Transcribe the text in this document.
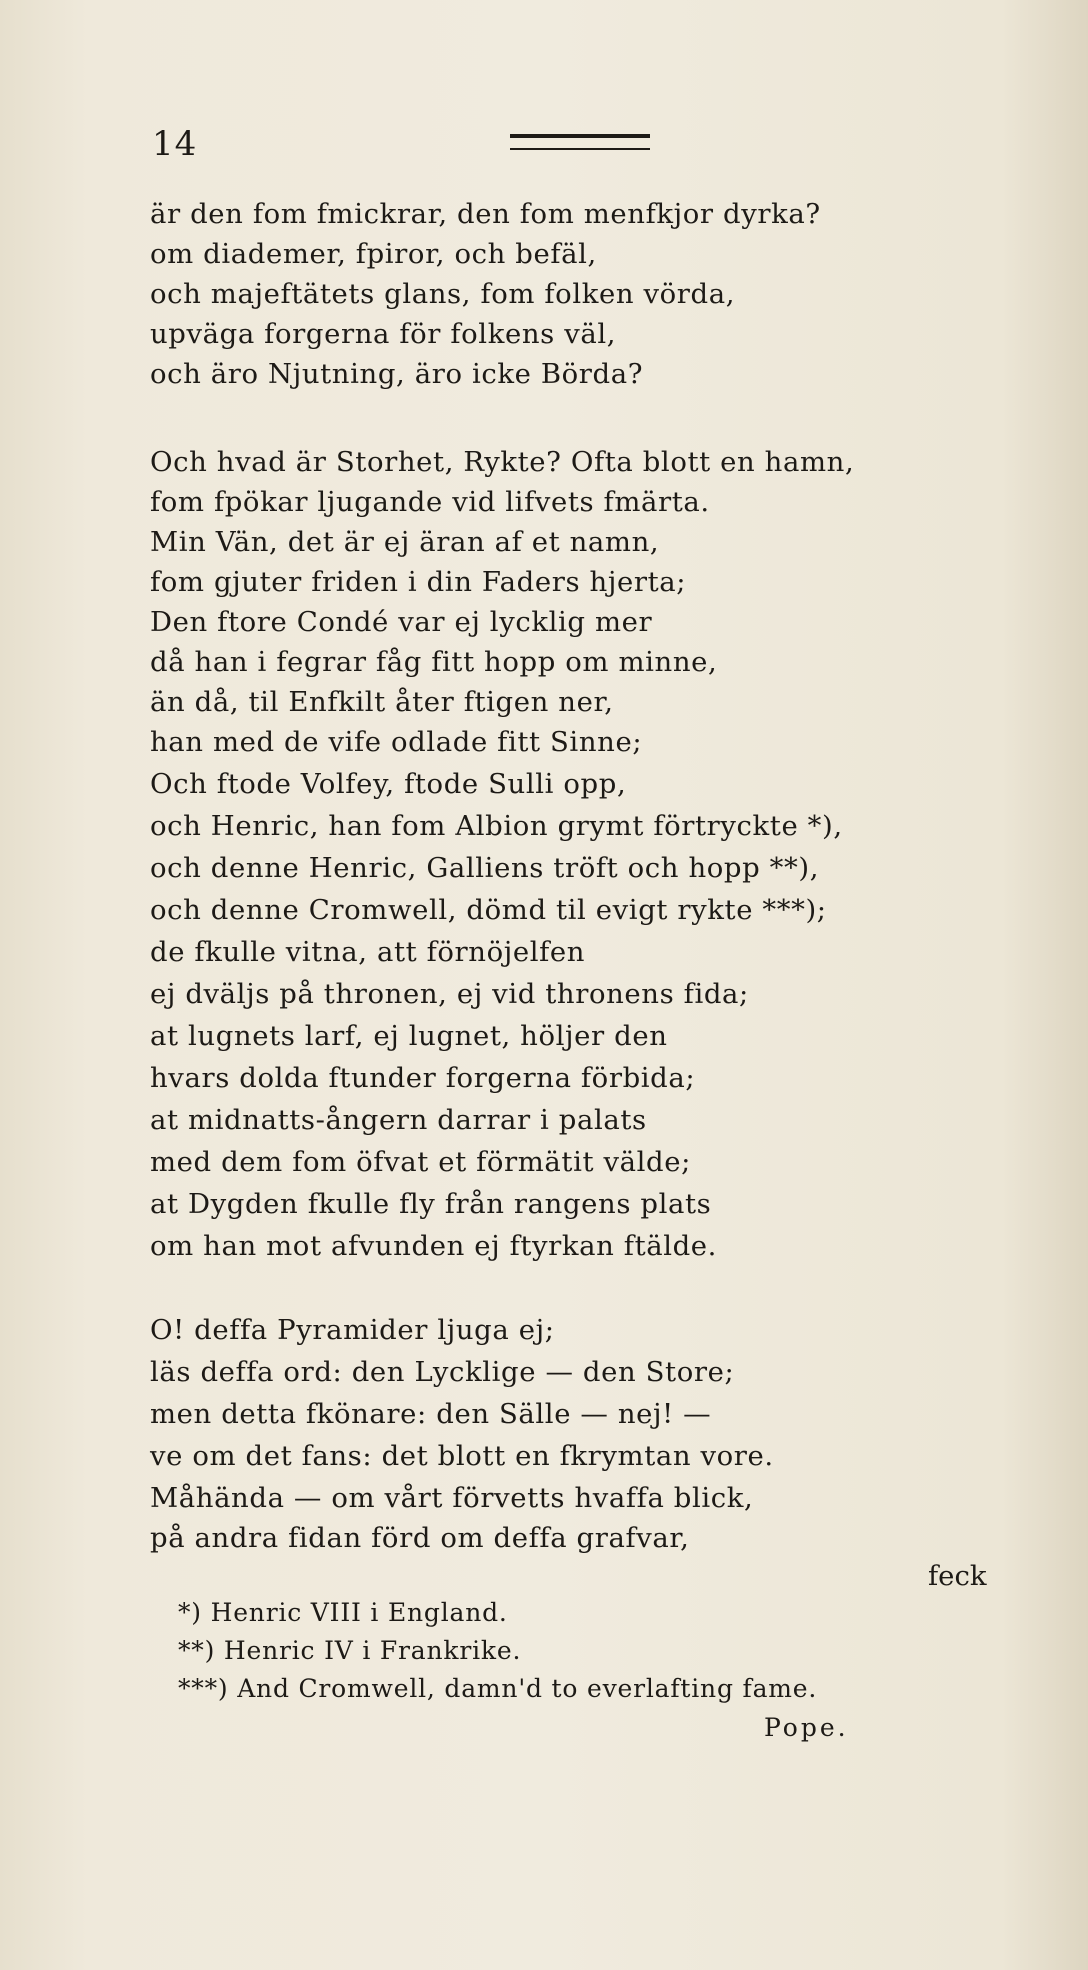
14
är den fom fmickrar, den fom menfkjor dyrka?
om diademer, fpiror, och befäl,
och majeftätets glans, fom folken vörda,
upväga forgerna för folkens väl,
och äro Njutning, äro icke Börda?
Och hvad är Storhet, Rykte? Ofta blott en hamn,
fom fpökar ljugande vid lifvets fmärta.
Min Vän, det är ej äran af et namn,
fom gjuter friden i din Faders hjerta;
Den ftore Condé var ej lycklig mer
då han i fegrar fåg fitt hopp om minne,
än då, til Enfkilt åter ftigen ner,
han med de vife odlade fitt Sinne;
Och ftode Volfey, ftode Sulli opp,
och Henric, han fom Albion grymt förtryckte *),
och denne Henric, Galliens tröft och hopp **),
och denne Cromwell, dömd til evigt rykte ***);
de fkulle vitna, att förnöjelfen
ej dväljs på thronen, ej vid thronens fida;
at lugnets larf, ej lugnet, höljer den
hvars dolda ftunder forgerna förbida;
at midnatts-ångern darrar i palats
med dem fom öfvat et förmätit välde;
at Dygden fkulle fly från rangens plats
om han mot afvunden ej ftyrkan ftälde.
O! deffa Pyramider ljuga ej;
läs deffa ord: den Lycklige — den Store;
men detta fkönare: den Sälle — nej! —
ve om det fans: det blott en fkrymtan vore.
Måhända — om vårt förvetts hvaffa blick,
på andra fidan förd om deffa grafvar,
feck
*) Henric VIII i England.
**) Henric IV i Frankrike.
***) And Cromwell, damn'd to everlafting fame.
Pope.
